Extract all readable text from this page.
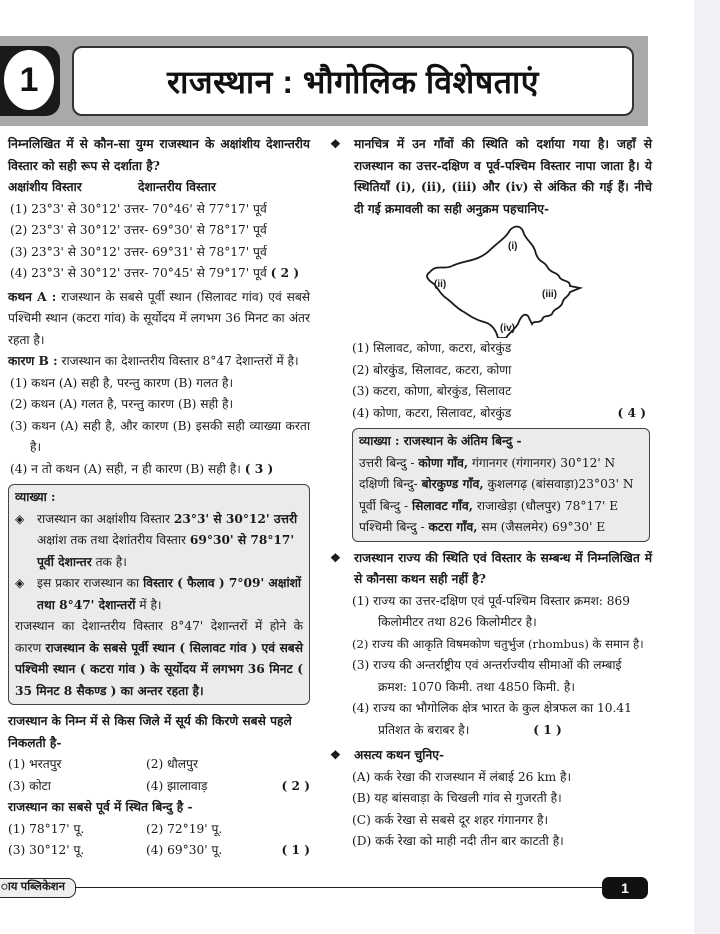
1	राजस्थान : भौगोलिक विशेषताएं
निम्नलिखित में से कौन-सा युग्म राजस्थान के अक्षांशीय देशान्तरीय विस्तार को सही रूप से दर्शाता है?
अक्षांशीय विस्तार	देशान्तरीय विस्तार
(1) 23°3' से 30°12' उत्तर- 70°46' से 77°17' पूर्व
(2) 23°3' से 30°12' उत्तर- 69°30' से 78°17' पूर्व
(3) 23°3' से 30°12' उत्तर- 69°31' से 78°17' पूर्व
(4) 23°3' से 30°12' उत्तर- 70°45' से 79°17' पूर्व ( 2 )
कथन A : राजस्थान के सबसे पूर्वी स्थान (सिलावट गांव) एवं सबसे पश्चिमी स्थान (कटरा गांव) के सूर्योदय में लगभग 36 मिनट का अंतर रहता है।
कारण B : राजस्थान का देशान्तरीय विस्तार 8°47 देशान्तरों में है।
(1) कथन (A) सही है, परन्तु कारण (B) गलत है।
(2) कथन (A) गलत है, परन्तु कारण (B) सही है।
(3) कथन (A) सही है, और कारण (B) इसकी सही व्याख्या करता है।
(4) न तो कथन (A) सही, न ही कारण (B) सही है। ( 3 )
व्याख्या :
◈	राजस्थान का अक्षांशीय विस्तार 23°3' से 30°12' उत्तरी अक्षांश तक तथा देशांतरीय विस्तार 69°30' से 78°17' पूर्वी देशान्तर तक है।
◈	इस प्रकार राजस्थान का विस्तार ( फैलाव ) 7°09' अक्षांशों तथा 8°47' देशान्तरों में है।
राजस्थान का देशान्तरीय विस्तार 8°47' देशान्तरों में होने के कारण राजस्थान के सबसे पूर्वी स्थान ( सिलावट गांव ) एवं सबसे पश्चिमी स्थान ( कटरा गांव ) के सूर्योदय में लगभग 36 मिनट ( 35 मिनट 8 सैकण्ड ) का अन्तर रहता है।
राजस्थान के निम्न में से किस जिले में सूर्य की किरणे सबसे पहले निकलती है-
(1) भरतपुर	(2) धौलपुर
(3) कोटा	(4) झालावाड़	( 2 )
राजस्थान का सबसे पूर्व में स्थित बिन्दु है -
(1) 78°17' पू.	(2) 72°19' पू.
(3) 30°12' पू.	(4) 69°30' पू.	( 1 )
❖	मानचित्र में उन गाँवों की स्थिति को दर्शाया गया है। जहाँ से राजस्थान का उत्तर-दक्षिण व पूर्व-पश्चिम विस्तार नापा जाता है। ये स्थितियाँ (i), (ii), (iii) और (iv) से अंकित की गई हैं। नीचे दी गई क्रमावली का सही अनुक्रम पहचानिए-
(i)
(ii)
(iii)
(iv)
(1) सिलावट, कोणा, कटरा, बोरकुंड
(2) बोरकुंड, सिलावट, कटरा, कोणा
(3) कटरा, कोणा, बोरकुंड, सिलावट
(4) कोणा, कटरा, सिलावट, बोरकुंड	( 4 )
व्याख्या : राजस्थान के अंतिम बिन्दु -
उत्तरी बिन्दु - कोणा गाँव, गंगानगर (गंगानगर) 30°12' N
दक्षिणी बिन्दु- बोरकुण्ड गाँव, कुशलगढ़ (बांसवाड़ा)23°03' N
पूर्वी बिन्दु - सिलावट गाँव, राजाखेड़ा (धौलपुर) 78°17' E
पश्चिमी बिन्दु - कटरा गाँव, सम (जैसलमेर) 69°30' E
❖	राजस्थान राज्य की स्थिति एवं विस्तार के सम्बन्ध में निम्नलिखित में से कौनसा कथन सही नहीं है?
(1) राज्य का उत्तर-दक्षिण एवं पूर्व-पश्चिम विस्तार क्रमश: 869 किलोमीटर तथा 826 किलोमीटर है।
(2) राज्य की आकृति विषमकोण चतुर्भुज (rhombus) के समान है।
(3) राज्य की अन्तर्राष्ट्रीय एवं अन्तर्राज्यीय सीमाओं की लम्बाई क्रमश: 1070 किमी. तथा 4850 किमी. है।
(4) राज्य का भौगोलिक क्षेत्र भारत के कुल क्षेत्रफल का 10.41 प्रतिशत के बराबर है।	( 1 )
❖	असत्य कथन चुनिए-
(A) कर्क रेखा की राजस्थान में लंबाई 26 km है।
(B) यह बांसवाड़ा के चिखली गांव से गुजरती है।
(C) कर्क रेखा से सबसे दूर शहर गंगानगर है।
(D) कर्क रेखा को माही नदी तीन बार काटती है।
ाय पब्लिकेशन	1
